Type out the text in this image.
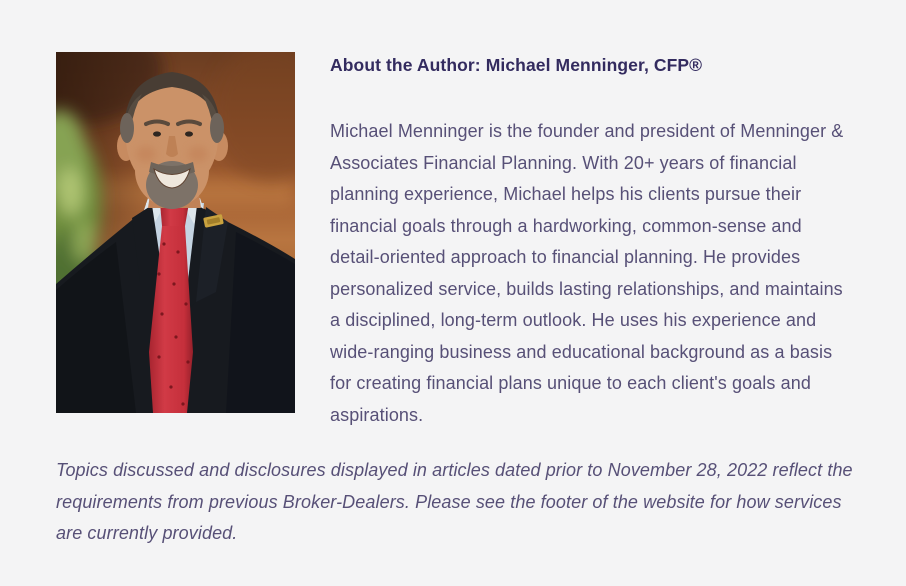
About the Author: Michael Menninger, CFP®

Michael Menninger is the founder and president of Menninger & Associates Financial Planning. With 20+ years of financial planning experience, Michael helps his clients pursue their financial goals through a hardworking, common-sense and detail-oriented approach to financial planning. He provides personalized service, builds lasting relationships, and maintains a disciplined, long-term outlook. He uses his experience and wide-ranging business and educational background as a basis for creating financial plans unique to each client's goals and aspirations.

Topics discussed and disclosures displayed in articles dated prior to November 28, 2022 reflect the requirements from previous Broker-Dealers. Please see the footer of the website for how services are currently provided.
